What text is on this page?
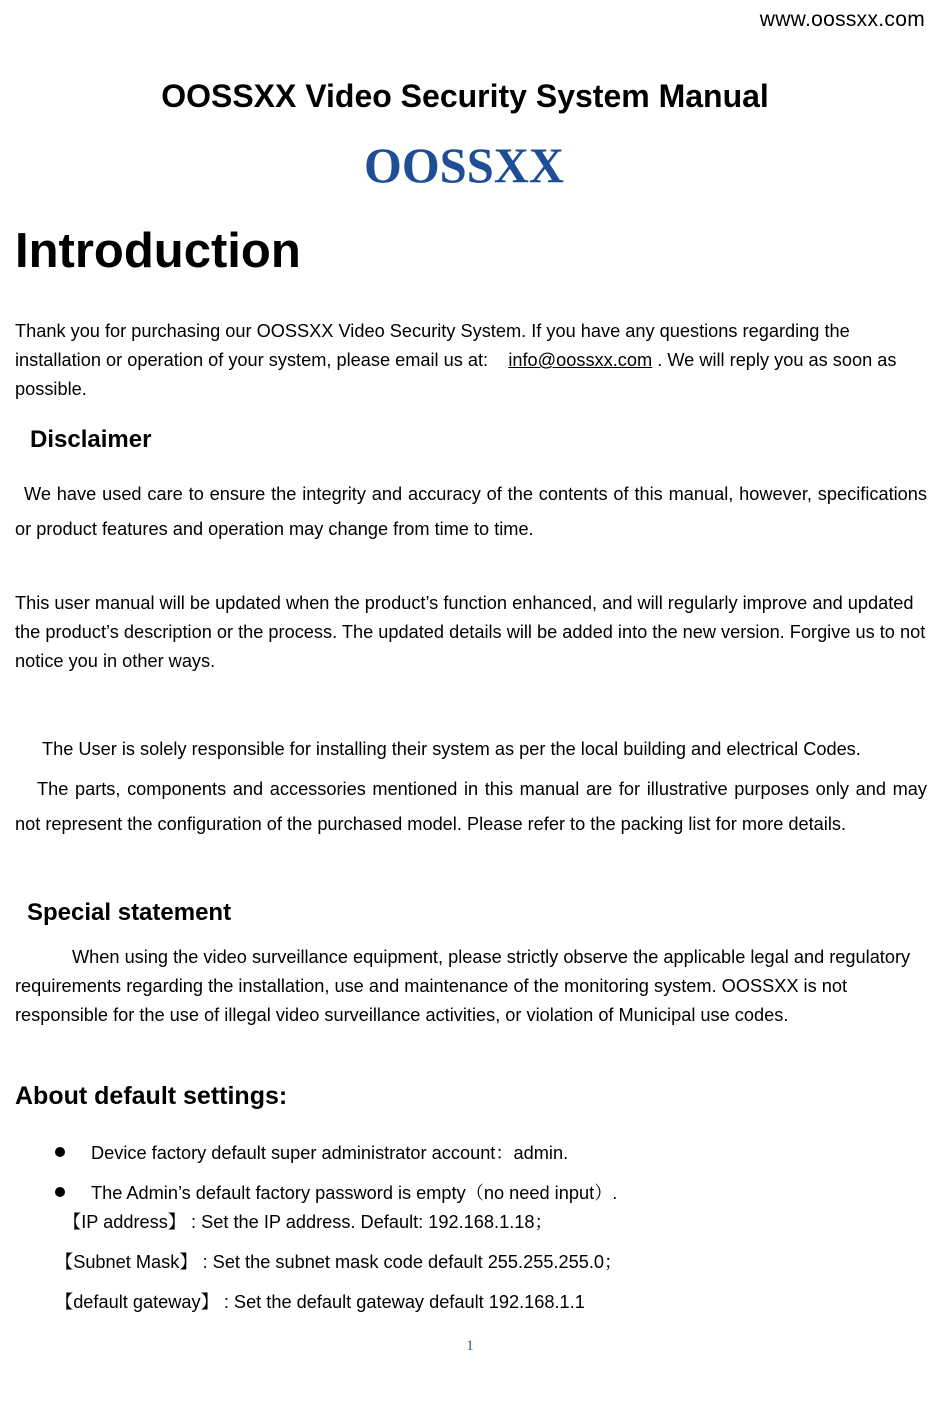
www.oossxx.com
OOSSXX Video Security System Manual
OOSSXX
Introduction

Thank you for purchasing our OOSSXX Video Security System. If you have any questions regarding the installation or operation of your system, please email us at: info@oossxx.com . We will reply you as soon as possible.

Disclaimer

We have used care to ensure the integrity and accuracy of the contents of this manual, however, specifications or product features and operation may change from time to time.

This user manual will be updated when the product’s function enhanced, and will regularly improve and updated the product’s description or the process. The updated details will be added into the new version. Forgive us to not notice you in other ways.

The User is solely responsible for installing their system as per the local building and electrical Codes.

The parts, components and accessories mentioned in this manual are for illustrative purposes only and may not represent the configuration of the purchased model. Please refer to the packing list for more details.

Special statement

When using the video surveillance equipment, please strictly observe the applicable legal and regulatory requirements regarding the installation, use and maintenance of the monitoring system. OOSSXX is not responsible for the use of illegal video surveillance activities, or violation of Municipal use codes.

About default settings:
Device factory default super administrator account：admin.
The Admin’s default factory password is empty（no need input）.
【IP address】 : Set the IP address. Default: 192.168.1.18；
【Subnet Mask】 : Set the subnet mask code default 255.255.255.0；
【default gateway】 : Set the default gateway default 192.168.1.1
1
